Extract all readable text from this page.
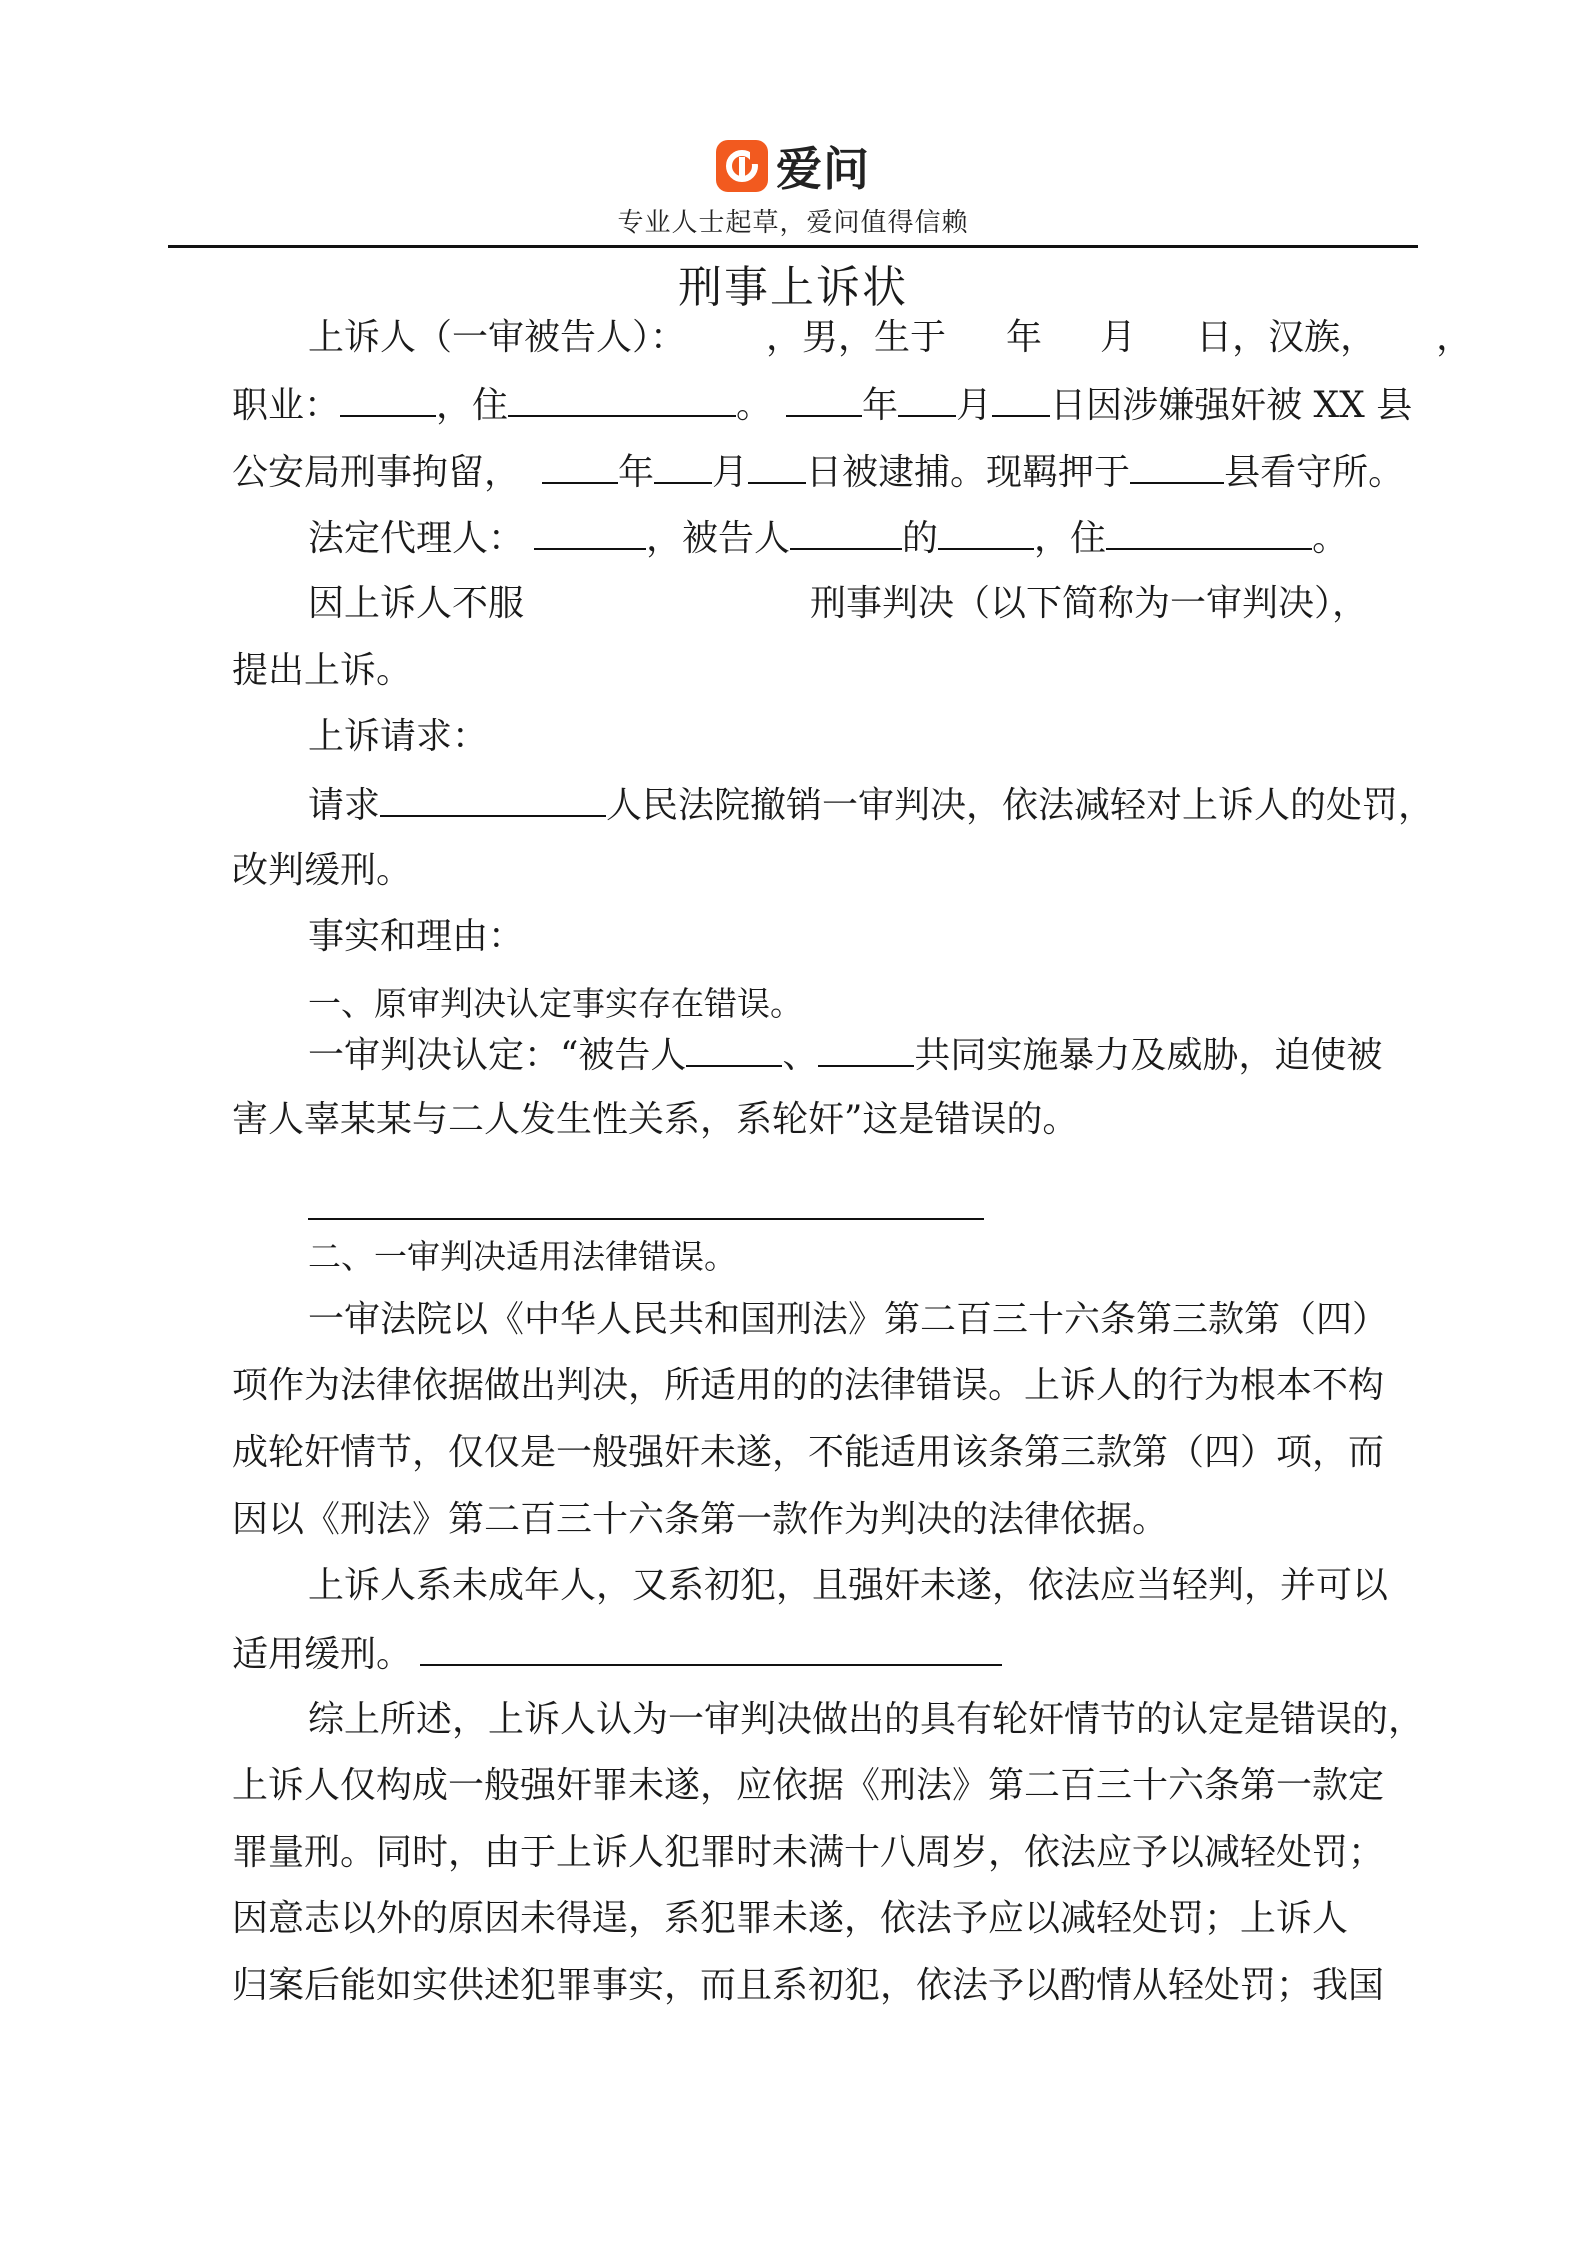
爱问
专业人士起草，爱问值得信赖
刑事上诉状
上诉人（一审被告人）： ，男，生于 年 月 日，汉族， ，
职业：	，住	。	年 月 日因涉嫌强奸被 XX 县
公安局刑事拘留，	年 月 日被逮捕。现羁押于	县看守所。
法定代理人：	，被告人	的	，住	。
因上诉人不服	刑事判决（以下简称为一审判决），
提出上诉。
上诉请求：
请求	人民法院撤销一审判决，依法减轻对上诉人的处罚，
改判缓刑。
事实和理由：
一、原审判决认定事实存在错误。
一审判决认定：“被告人	、	共同实施暴力及威胁，迫使被
害人辜某某与二人发生性关系，系轮奸”这是错误的。
二、一审判决适用法律错误。
一审法院以《中华人民共和国刑法》第二百三十六条第三款第（四）
项作为法律依据做出判决，所适用的的法律错误。上诉人的行为根本不构
成轮奸情节，仅仅是一般强奸未遂，不能适用该条第三款第（四）项，而
因以《刑法》第二百三十六条第一款作为判决的法律依据。
上诉人系未成年人，又系初犯，且强奸未遂，依法应当轻判，并可以
适用缓刑。
综上所述，上诉人认为一审判决做出的具有轮奸情节的认定是错误的，
上诉人仅构成一般强奸罪未遂，应依据《刑法》第二百三十六条第一款定
罪量刑。同时，由于上诉人犯罪时未满十八周岁，依法应予以减轻处罚；
因意志以外的原因未得逞，系犯罪未遂，依法予应以减轻处罚；上诉人
归案后能如实供述犯罪事实，而且系初犯，依法予以酌情从轻处罚；我国
